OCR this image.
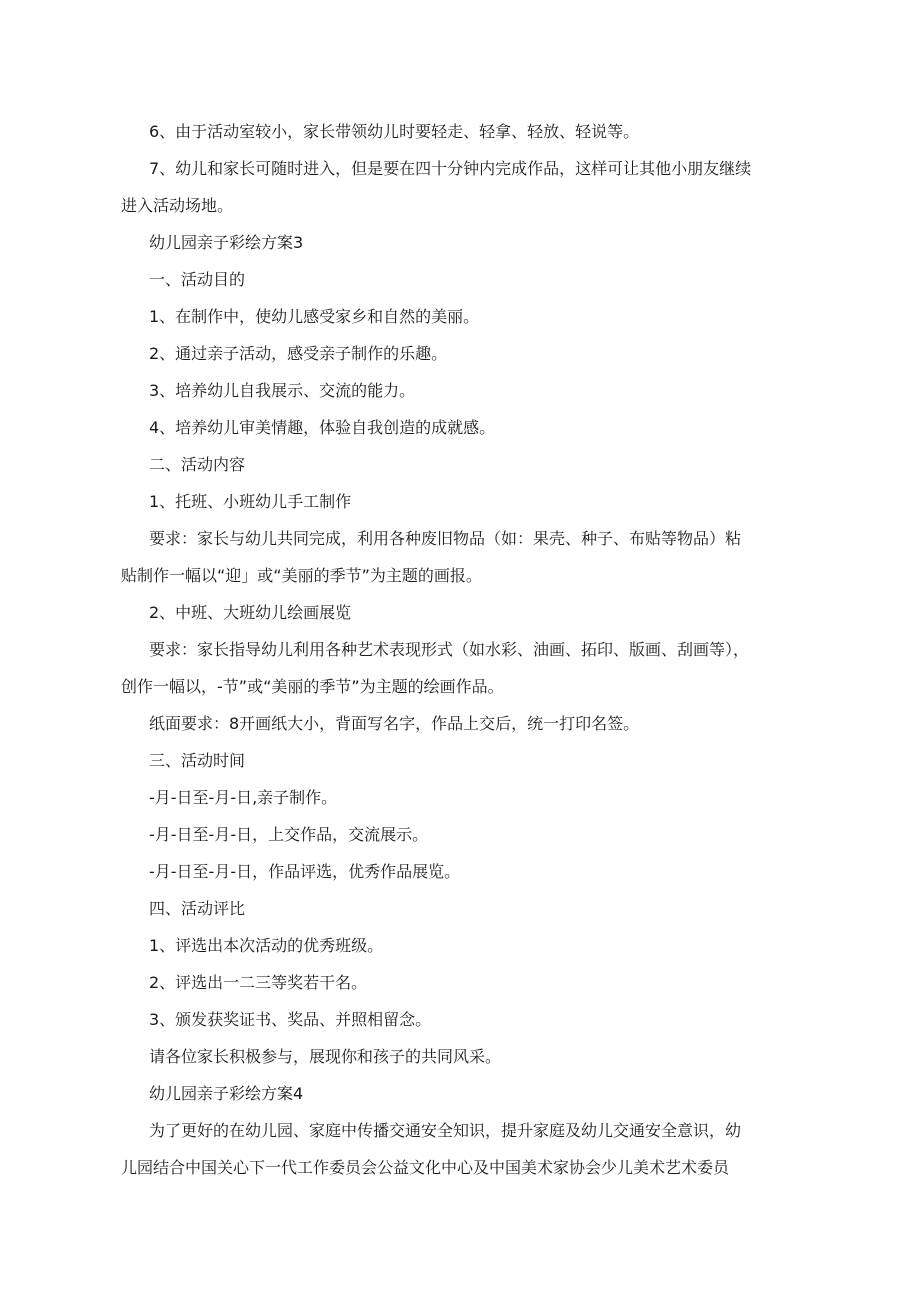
6、由于活动室较小，家长带领幼儿时要轻走、轻拿、轻放、轻说等。

7、幼儿和家长可随时进入，但是要在四十分钟内完成作品，这样可让其他小朋友继续

进入活动场地。

幼儿园亲子彩绘方案3

一、活动目的

1、在制作中，使幼儿感受家乡和自然的美丽。

2、通过亲子活动，感受亲子制作的乐趣。

3、培养幼儿自我展示、交流的能力。

4、培养幼儿审美情趣，体验自我创造的成就感。

二、活动内容

1、托班、小班幼儿手工制作

要求：家长与幼儿共同完成，利用各种废旧物品（如：果壳、种子、布贴等物品）粘

贴制作一幅以“迎」或“美丽的季节”为主题的画报。

2、中班、大班幼儿绘画展览

要求：家长指导幼儿利用各种艺术表现形式（如水彩、油画、拓印、版画、刮画等），

创作一幅以，-节”或“美丽的季节”为主题的绘画作品。

纸面要求：8开画纸大小，背面写名字，作品上交后，统一打印名签。

三、活动时间

-月-日至-月-日,亲子制作。

-月-日至-月-日，上交作品，交流展示。

-月-日至-月-日，作品评选，优秀作品展览。

四、活动评比

1、评选出本次活动的优秀班级。

2、评选出一二三等奖若干名。

3、颁发获奖证书、奖品、并照相留念。

请各位家长积极参与，展现你和孩子的共同风采。

幼儿园亲子彩绘方案4

为了更好的在幼儿园、家庭中传播交通安全知识，提升家庭及幼儿交通安全意识，幼

儿园结合中国关心下一代工作委员会公益文化中心及中国美术家协会少儿美术艺术委员
